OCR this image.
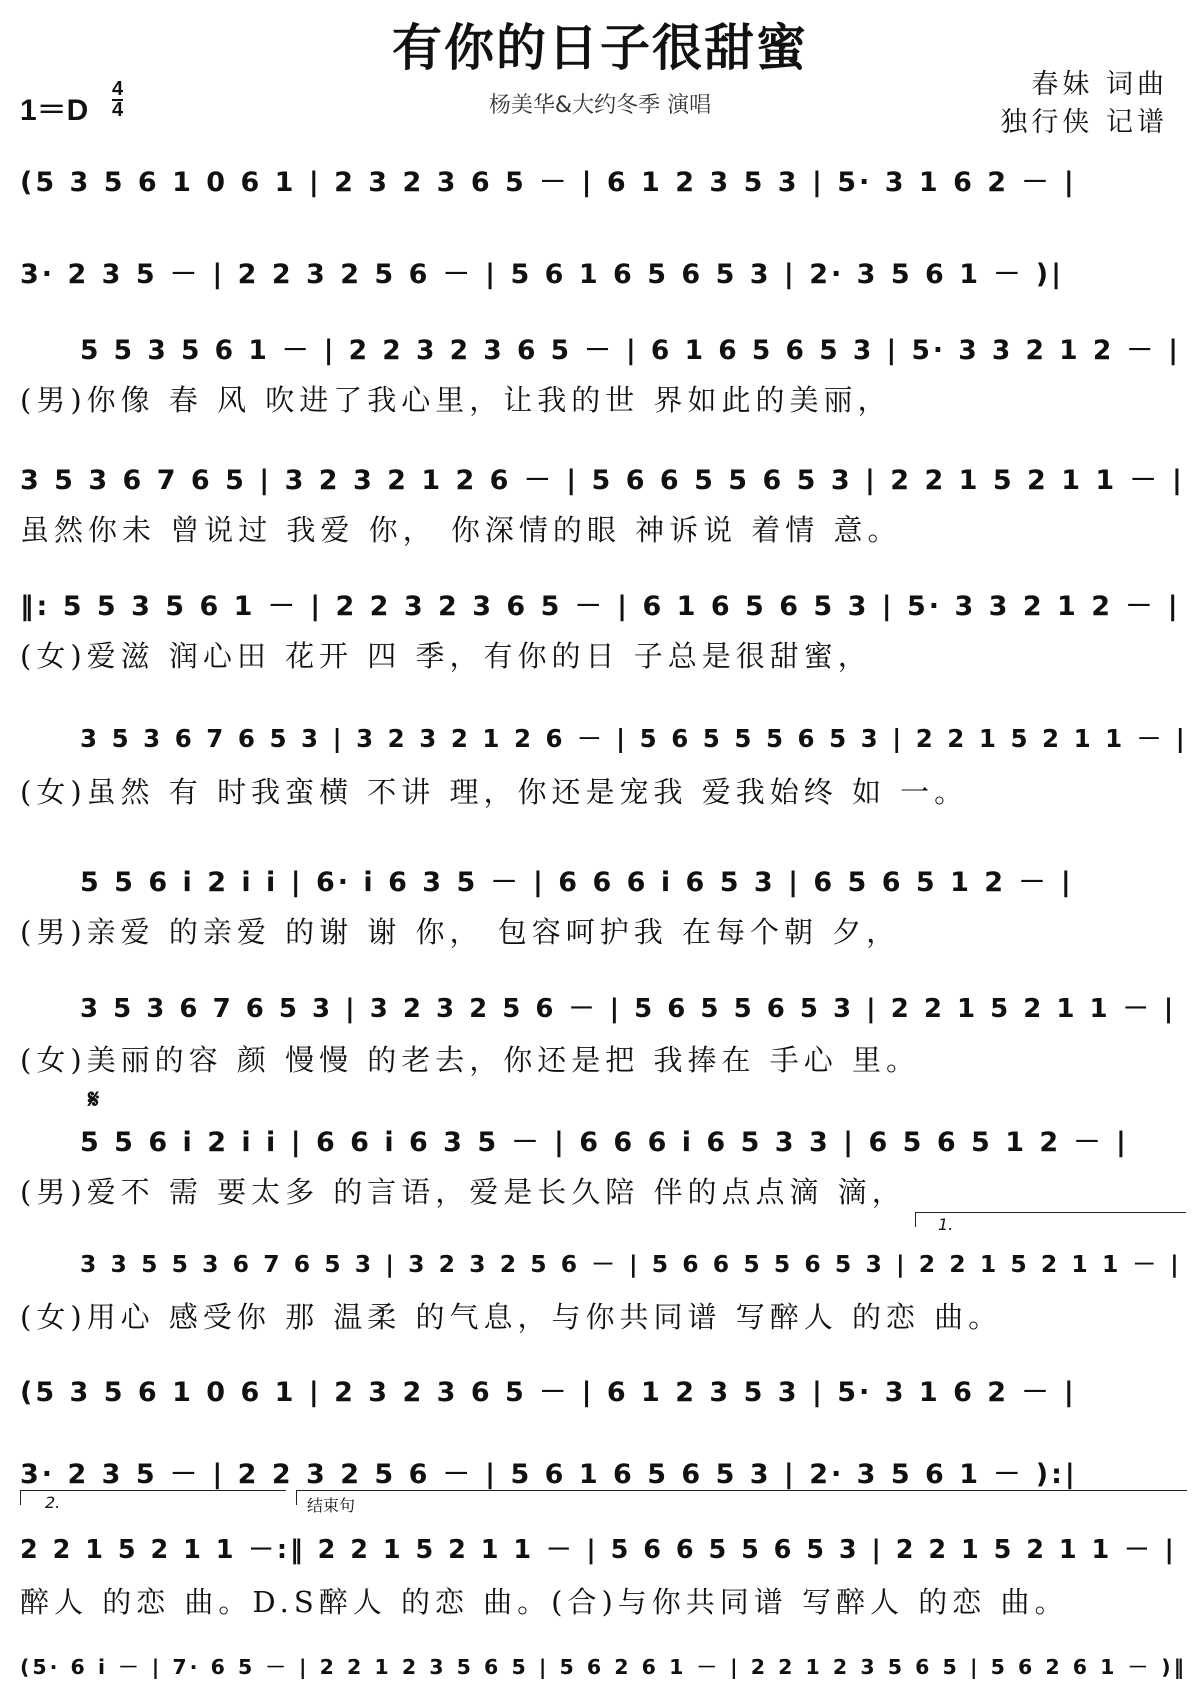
有你的日子很甜蜜
1＝D
4
4	杨美华&大约冬季 演唱
春妹 词曲
独行侠 记谱
(5 3 5 6 1 0 6 1 | 2 3 2 3 6 5 － | 6 1 2 3 5 3 | 5· 3 1 6 2 － |
3· 2 3 5 － | 2 2 3 2 5 6 － | 5 6 1 6 5 6 5 3 | 2· 3 5 6 1 － )|
5 5 3 5 6 1 － | 2 2 3 2 3 6 5 － | 6 1 6 5 6 5 3 | 5· 3 3 2 1 2 － |
(男)你像 春 风 吹进了我心里，让我的世 界如此的美丽，
3 5 3 6 7 6 5 | 3 2 3 2 1 2 6 － | 5 6 6 5 5 6 5 3 | 2 2 1 5 2 1 1 － |
虽然你未 曾说过 我爱 你， 你深情的眼 神诉说 着情 意。
‖: 5 5 3 5 6 1 － | 2 2 3 2 3 6 5 － | 6 1 6 5 6 5 3 | 5· 3 3 2 1 2 － |
(女)爱滋 润心田 花开 四 季，有你的日 子总是很甜蜜，
3 5 3 6 7 6 5 3 | 3 2 3 2 1 2 6 － | 5 6 5 5 5 6 5 3 | 2 2 1 5 2 1 1 － |
(女)虽然 有 时我蛮横 不讲 理，你还是宠我 爱我始终 如 一。
5 5 6 i 2 i i | 6· i 6 3 5 － | 6 6 6 i 6 5 3 | 6 5 6 5 1 2 － |
(男)亲爱 的亲爱 的谢 谢 你， 包容呵护我 在每个朝 夕，
3 5 3 6 7 6 5 3 | 3 2 3 2 5 6 － | 5 6 5 5 6 5 3 | 2 2 1 5 2 1 1 － |
(女)美丽的容 颜 慢慢 的老去，你还是把 我捧在 手心 里。
𝄋
5 5 6 i 2 i i | 6 6 i 6 3 5 － | 6 6 6 i 6 5 3 3 | 6 5 6 5 1 2 － |
(男)爱不 需 要太多 的言语，爱是长久陪 伴的点点滴 滴，
1.
3 3 5 5 3 6 7 6 5 3 | 3 2 3 2 5 6 － | 5 6 6 5 5 6 5 3 | 2 2 1 5 2 1 1 － |
(女)用心 感受你 那 温柔 的气息，与你共同谱 写醉人 的恋 曲。
(5 3 5 6 1 0 6 1 | 2 3 2 3 6 5 － | 6 1 2 3 5 3 | 5· 3 1 6 2 － |
3· 2 3 5 － | 2 2 3 2 5 6 － | 5 6 1 6 5 6 5 3 | 2· 3 5 6 1 － ):|
2.	结束句
2 2 1 5 2 1 1 －:‖ 2 2 1 5 2 1 1 － | 5 6 6 5 5 6 5 3 | 2 2 1 5 2 1 1 － |
醉人 的恋 曲。D.S醉人 的恋 曲。(合)与你共同谱 写醉人 的恋 曲。
(5· 6 i － | 7· 6 5 － | 2 2 1 2 3 5 6 5 | 5 6 2 6 1 － | 2 2 1 2 3 5 6 5 | 5 6 2 6 1 － )‖
